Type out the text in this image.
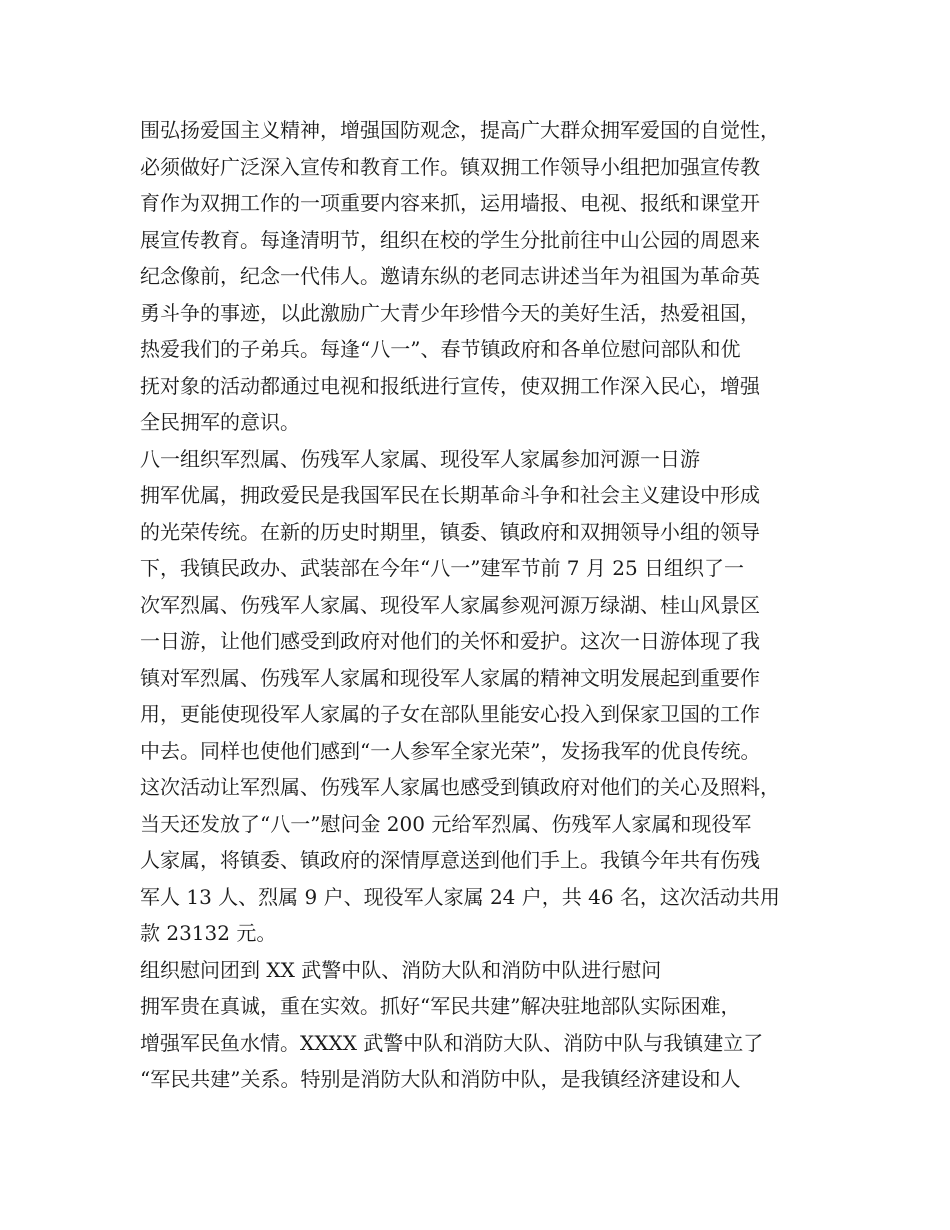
围弘扬爱国主义精神，增强国防观念，提高广大群众拥军爱国的自觉性，
必须做好广泛深入宣传和教育工作。镇双拥工作领导小组把加强宣传教
育作为双拥工作的一项重要内容来抓，运用墙报、电视、报纸和课堂开
展宣传教育。每逢清明节，组织在校的学生分批前往中山公园的周恩来
纪念像前，纪念一代伟人。邀请东纵的老同志讲述当年为祖国为革命英
勇斗争的事迹，以此激励广大青少年珍惜今天的美好生活，热爱祖国，
热爱我们的子弟兵。每逢“八一”、春节镇政府和各单位慰问部队和优
抚对象的活动都通过电视和报纸进行宣传，使双拥工作深入民心，增强
全民拥军的意识。
八一组织军烈属、伤残军人家属、现役军人家属参加河源一日游
拥军优属，拥政爱民是我国军民在长期革命斗争和社会主义建设中形成
的光荣传统。在新的历史时期里，镇委、镇政府和双拥领导小组的领导
下，我镇民政办、武装部在今年“八一”建军节前 7 月 25 日组织了一
次军烈属、伤残军人家属、现役军人家属参观河源万绿湖、桂山风景区
一日游，让他们感受到政府对他们的关怀和爱护。这次一日游体现了我
镇对军烈属、伤残军人家属和现役军人家属的精神文明发展起到重要作
用，更能使现役军人家属的子女在部队里能安心投入到保家卫国的工作
中去。同样也使他们感到“一人参军全家光荣”，发扬我军的优良传统。
这次活动让军烈属、伤残军人家属也感受到镇政府对他们的关心及照料，
当天还发放了“八一”慰问金 200 元给军烈属、伤残军人家属和现役军
人家属，将镇委、镇政府的深情厚意送到他们手上。我镇今年共有伤残
军人 13 人、烈属 9 户、现役军人家属 24 户，共 46 名，这次活动共用
款 23132 元。
组织慰问团到 XX 武警中队、消防大队和消防中队进行慰问
拥军贵在真诚，重在实效。抓好“军民共建”解决驻地部队实际困难，
增强军民鱼水情。XXXX 武警中队和消防大队、消防中队与我镇建立了
“军民共建”关系。特别是消防大队和消防中队，是我镇经济建设和人
